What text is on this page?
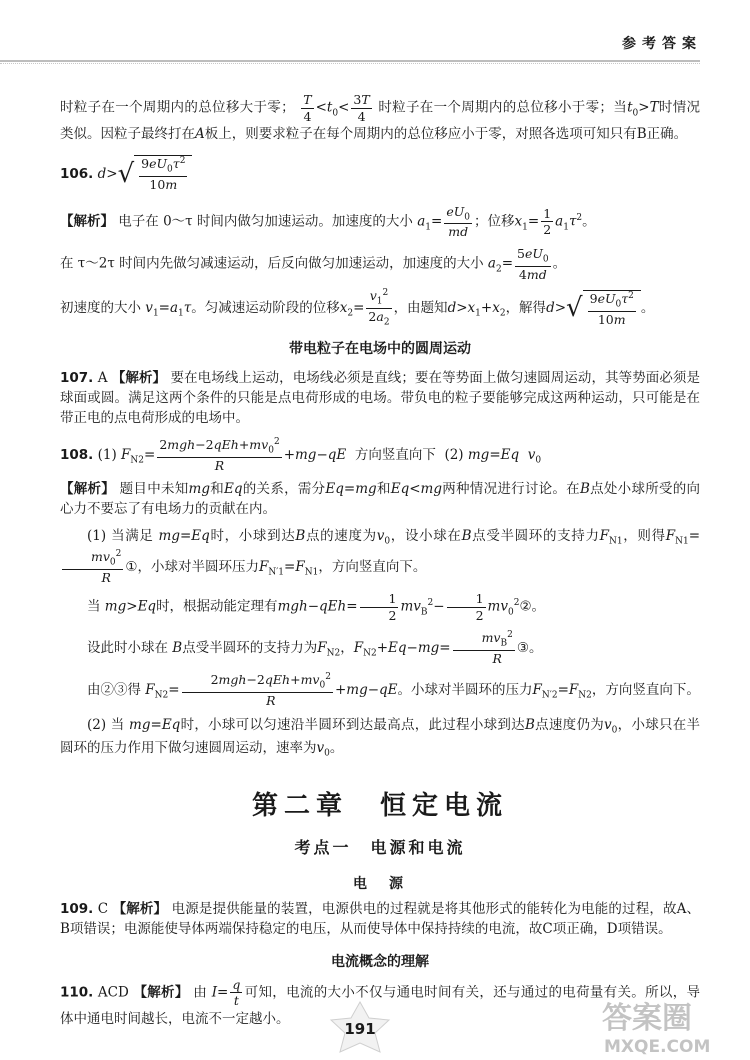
参考答案

时粒子在一个周期内的总位移大于零； $\frac{T}{4} <t_0< \frac{3T}{4}$ 时粒子在一个周期内的总位移小于零；当$t_0>T$时情况类似。因粒子最终打在A板上，则要求粒子在每个周期内的总位移应小于零，对照各选项可知只有B正确。

106. $d>√ \frac{9eU_0\tau^2}{10m}$

【解析】 电子在 0～τ 时间内做匀加速运动。加速度的大小 $a_1= \frac{eU_0}{md}$ ；位移$x_1= \frac{1}{2} a_1\tau^2$。

在 τ～2τ 时间内先做匀减速运动，后反向做匀加速运动，加速度的大小 $a_2= \frac{5eU_0}{4md}$ 。

初速度的大小 $v_1=a_1\tau$。匀减速运动阶段的位移$x_2= \frac{v_1^2}{2a_2}$ ，由题知$d>x_1+x_2$，解得$d>√ \frac{9eU_0\tau^2}{10m}$ 。

带电粒子在电场中的圆周运动

107. A 【解析】 要在电场线上运动，电场线必须是直线；要在等势面上做匀速圆周运动，其等势面必须是球面或圆。满足这两个条件的只能是点电荷形成的电场。带负电的粒子要能够完成这两种运动，只可能是在带正电的点电荷形成的电场中。

108. (1) $F_{N2}= \frac{2mgh-2qEh+mv_0^2}{R} +mg-qE$ 方向竖直向下 (2) mg=Eq $v_0$

【解析】 题目中未知mg和Eq的关系，需分Eq=mg和Eq<mg两种情况进行讨论。在B点处小球所受的向心力不要忘了有电场力的贡献在内。

(1) 当满足 mg=Eq时，小球到达B点的速度为$v_0$，设小球在B点受半圆环的支持力$F_{N1}$，则得$F_{N1}=$
$\frac{mv_0^2}{R}$ ①，小球对半圆环压力$F_{N'1}=F_{N1}$，方向竖直向下。

当 mg>Eq时，根据动能定理有$mgh-qEh= \frac{1}{2} mv_B^2- \frac{1}{2}$ $mv_0^2②$。

设此时小球在 B点受半圆环的支持力为$F_{N2}$，$F_{N2}+Eq-mg= \frac{mv_B^2}{R}$ ③。

由②③得 $F_{N2}= \frac{2mgh-2qEh+mv_0^2}{R} +mg-qE$。小球对半圆环的压力$F_{N'2}=F_{N2}$，方向竖直向下。

(2) 当 mg=Eq时，小球可以匀速沿半圆环到达最高点，此过程小球到达B点速度仍为$v_0$，小球只在半圆环的压力作用下做匀速圆周运动，速率为$v_0$。

第二章　恒定电流
考点一　电源和电流
电　源

109. C 【解析】 电源是提供能量的装置，电源供电的过程就是将其他形式的能转化为电能的过程，故A、B项错误；电源能使导体两端保持稳定的电压，从而使导体中保持持续的电流，故C项正确，D项错误。

电流概念的理解

110. ACD 【解析】 由 $I= \frac{q}{t}$ 可知，电流的大小不仅与通电时间有关，还与通过的电荷量有关。所以，导体中通电时间越长，电流不一定越小。

191	答案圈
MXQE.COM
